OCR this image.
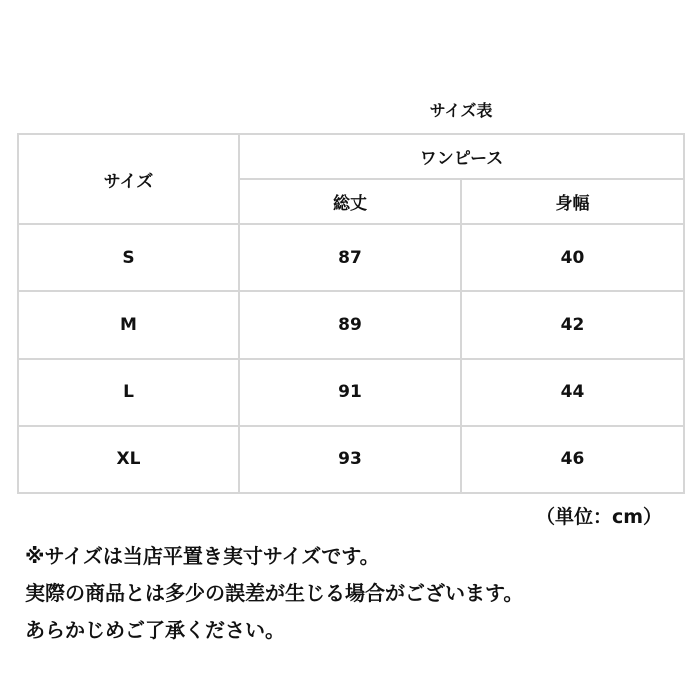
サイズ表
サイズ	ワンピース	
	総丈	身幅
S	87	40
M	89	42
L	91	44
XL	93	46
（単位：cm）
※サイズは当店平置き実寸サイズです。
実際の商品とは多少の誤差が生じる場合がございます。
あらかじめご了承ください。
